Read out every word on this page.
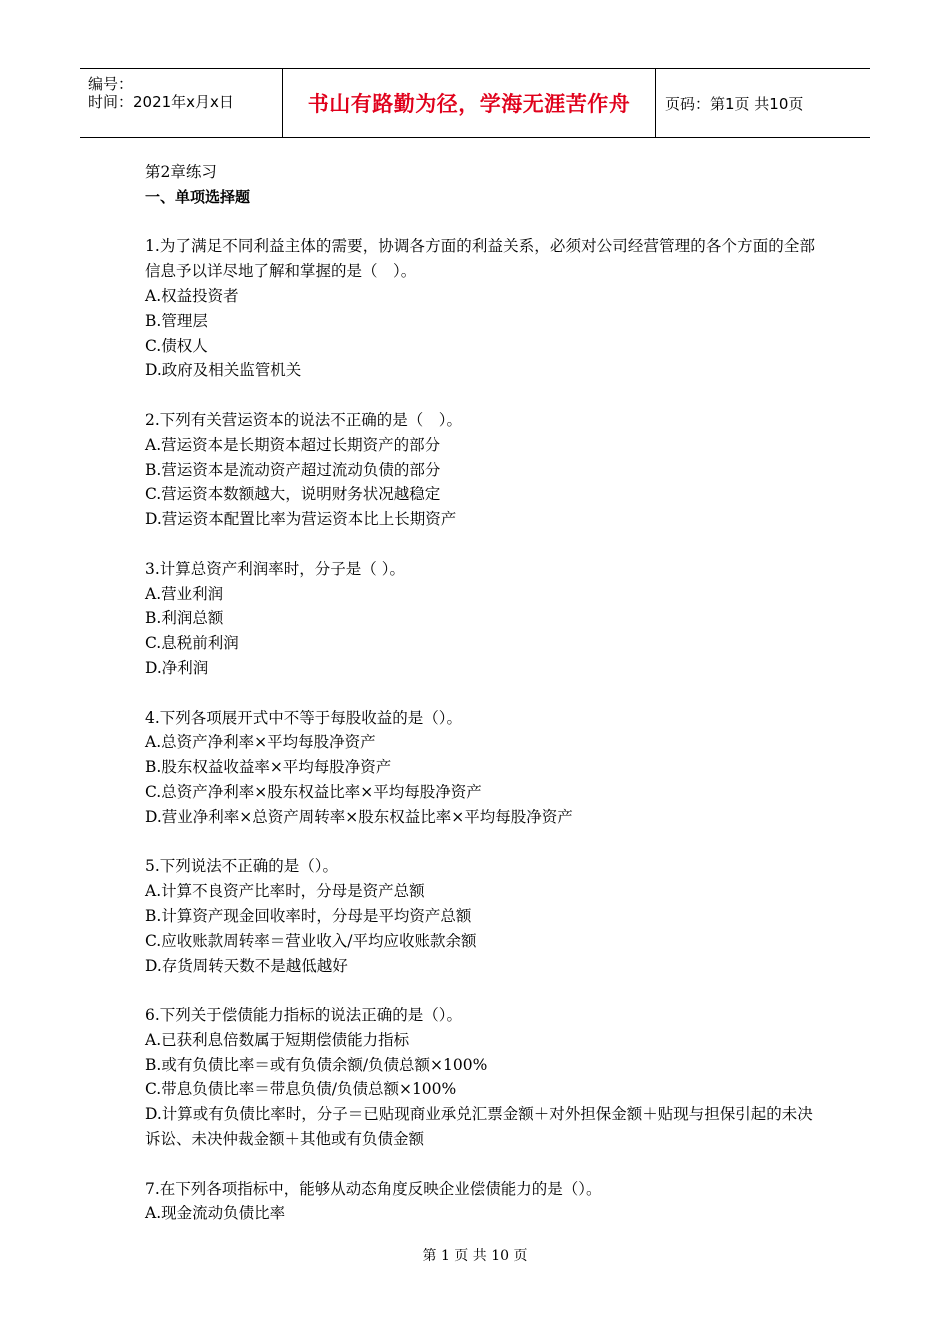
编号：
时间：2021年x月x日	书山有路勤为径，学海无涯苦作舟 页码：第1页 共10页

第2章练习

一、单项选择题

1.为了满足不同利益主体的需要，协调各方面的利益关系，必须对公司经营管理的各个方面的全部信息予以详尽地了解和掌握的是（　）。

A.权益投资者

B.管理层

C.债权人

D.政府及相关监管机关

2.下列有关营运资本的说法不正确的是（　）。

A.营运资本是长期资本超过长期资产的部分

B.营运资本是流动资产超过流动负债的部分

C.营运资本数额越大，说明财务状况越稳定

D.营运资本配置比率为营运资本比上长期资产

3.计算总资产利润率时，分子是（ ）。

A.营业利润

B.利润总额

C.息税前利润

D.净利润

4.下列各项展开式中不等于每股收益的是（）。

A.总资产净利率×平均每股净资产

B.股东权益收益率×平均每股净资产

C.总资产净利率×股东权益比率×平均每股净资产

D.营业净利率×总资产周转率×股东权益比率×平均每股净资产

5.下列说法不正确的是（）。

A.计算不良资产比率时，分母是资产总额

B.计算资产现金回收率时，分母是平均资产总额

C.应收账款周转率＝营业收入/平均应收账款余额

D.存货周转天数不是越低越好

6.下列关于偿债能力指标的说法正确的是（）。

A.已获利息倍数属于短期偿债能力指标

B.或有负债比率＝或有负债余额/负债总额×100%

C.带息负债比率＝带息负债/负债总额×100%

D.计算或有负债比率时，分子＝已贴现商业承兑汇票金额＋对外担保金额＋贴现与担保引起的未决诉讼、未决仲裁金额＋其他或有负债金额

7.在下列各项指标中，能够从动态角度反映企业偿债能力的是（）。

A.现金流动负债比率

第 1 页 共 10 页
